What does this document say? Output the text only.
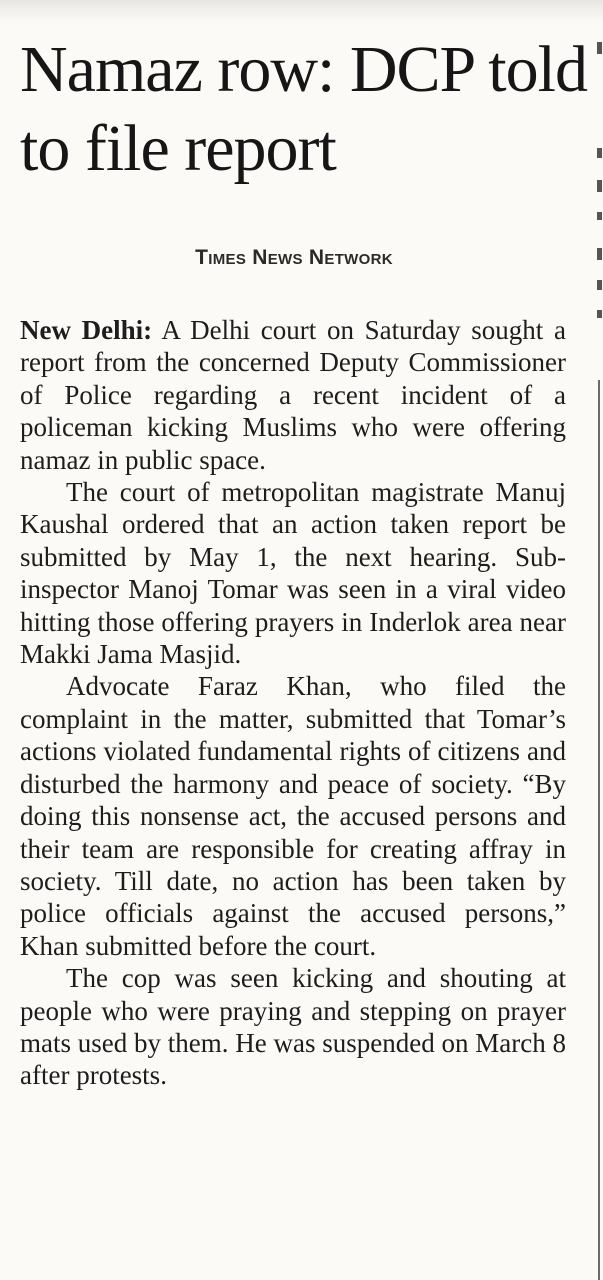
Namaz row: DCP told to file report
Times News Network

New Delhi: A Delhi court on Saturday sought a report from the concerned Deputy Commissioner of Police regarding a recent incident of a policeman kicking Muslims who were offering namaz in public space.

The court of metropolitan magistrate Manuj Kaushal ordered that an action taken report be submitted by May 1, the next hearing. Sub-inspector Manoj Tomar was seen in a viral video hitting those offering prayers in Inderlok area near Makki Jama Masjid.

Advocate Faraz Khan, who filed the complaint in the matter, submitted that Tomar’s actions violated fundamental rights of citizens and disturbed the harmony and peace of society. “By doing this nonsense act, the accused persons and their team are responsible for creating affray in society. Till date, no action has been taken by police officials against the accused persons,” Khan submitted before the court.

The cop was seen kicking and shouting at people who were praying and stepping on prayer mats used by them. He was suspended on March 8 after protests.
